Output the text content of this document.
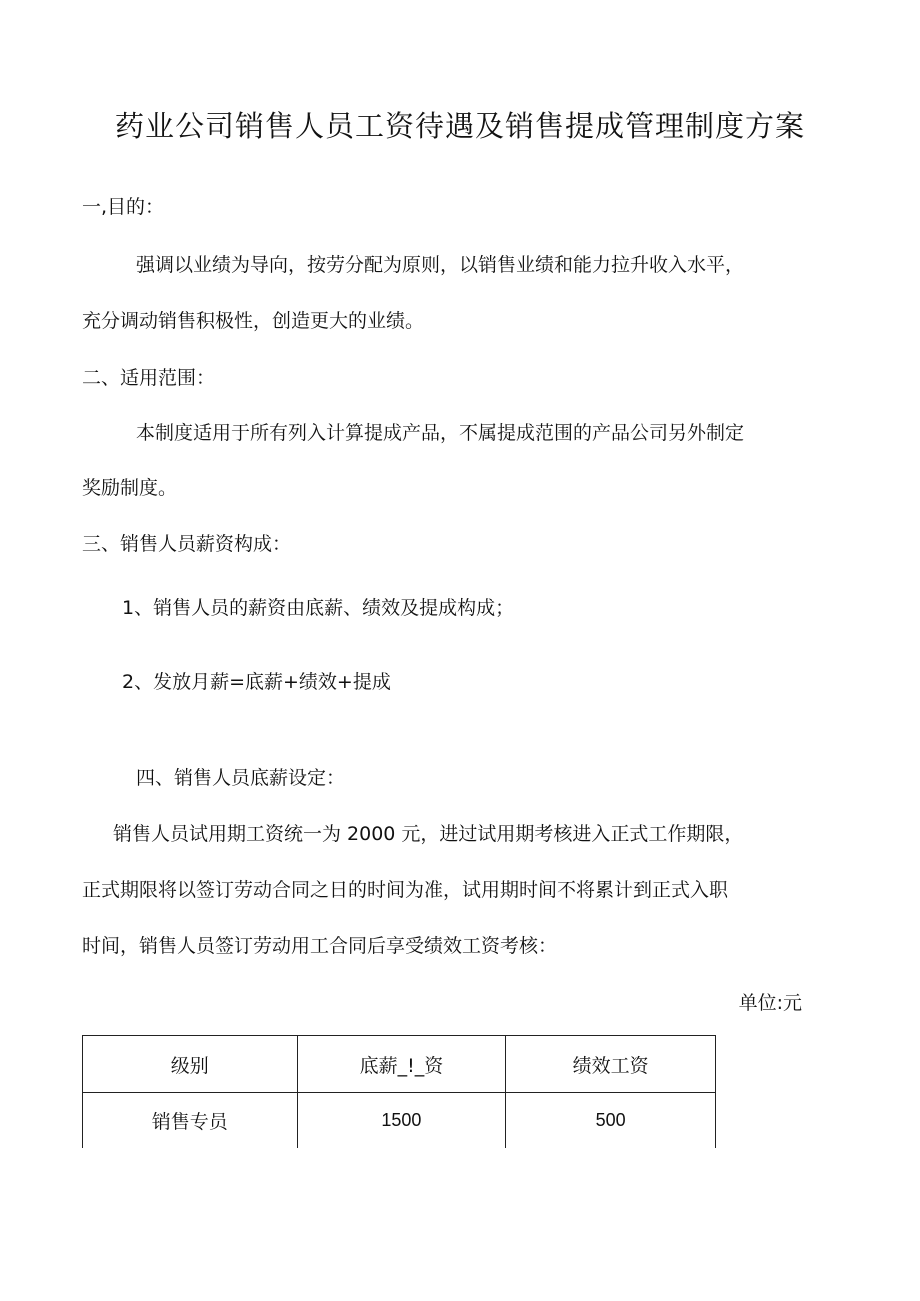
药业公司销售人员工资待遇及销售提成管理制度方案
一,目的：
强调以业绩为导向，按劳分配为原则，以销售业绩和能力拉升收入水平，
充分调动销售积极性，创造更大的业绩。
二、适用范围：
本制度适用于所有列入计算提成产品，不属提成范围的产品公司另外制定
奖励制度。
三、销售人员薪资构成：
1、销售人员的薪资由底薪、绩效及提成构成；
2、发放月薪=底薪+绩效+提成
四、销售人员底薪设定：
销售人员试用期工资统一为 2000 元，进过试用期考核进入正式工作期限，
正式期限将以签订劳动合同之日的时间为准，试用期时间不将累计到正式入职
时间，销售人员签订劳动用工合同后享受绩效工资考核：
单位:元
级别	底薪_!_资	绩效工资
销售专员	1500	500
